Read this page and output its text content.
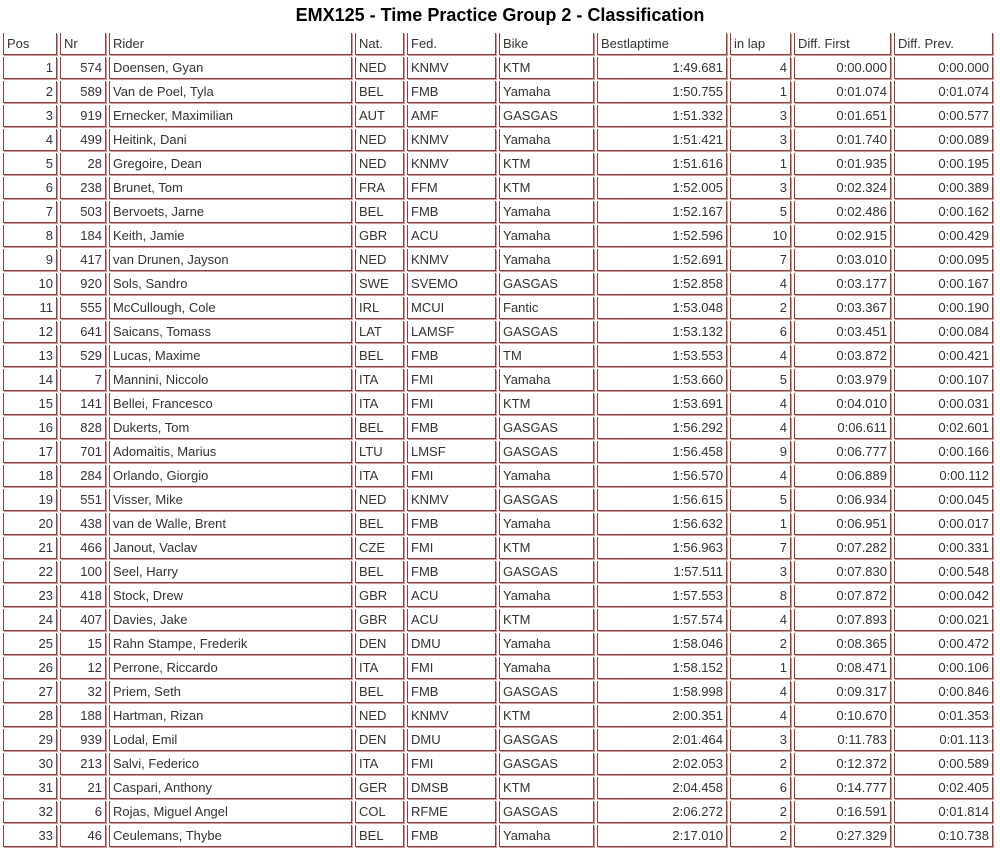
EMX125 - Time Practice Group 2 - Classification
Pos	Nr	Rider	Nat.	Fed.	Bike	Bestlaptime	in lap	Diff. First	Diff. Prev.
1	574	Doensen, Gyan	NED	KNMV	KTM	1:49.681	4	0:00.000	0:00.000
2	589	Van de Poel, Tyla	BEL	FMB	Yamaha	1:50.755	1	0:01.074	0:01.074
3	919	Ernecker, Maximilian	AUT	AMF	GASGAS	1:51.332	3	0:01.651	0:00.577
4	499	Heitink, Dani	NED	KNMV	Yamaha	1:51.421	3	0:01.740	0:00.089
5	28	Gregoire, Dean	NED	KNMV	KTM	1:51.616	1	0:01.935	0:00.195
6	238	Brunet, Tom	FRA	FFM	KTM	1:52.005	3	0:02.324	0:00.389
7	503	Bervoets, Jarne	BEL	FMB	Yamaha	1:52.167	5	0:02.486	0:00.162
8	184	Keith, Jamie	GBR	ACU	Yamaha	1:52.596	10	0:02.915	0:00.429
9	417	van Drunen, Jayson	NED	KNMV	Yamaha	1:52.691	7	0:03.010	0:00.095
10	920	Sols, Sandro	SWE	SVEMO	GASGAS	1:52.858	4	0:03.177	0:00.167
11	555	McCullough, Cole	IRL	MCUI	Fantic	1:53.048	2	0:03.367	0:00.190
12	641	Saicans, Tomass	LAT	LAMSF	GASGAS	1:53.132	6	0:03.451	0:00.084
13	529	Lucas, Maxime	BEL	FMB	TM	1:53.553	4	0:03.872	0:00.421
14	7	Mannini, Niccolo	ITA	FMI	Yamaha	1:53.660	5	0:03.979	0:00.107
15	141	Bellei, Francesco	ITA	FMI	KTM	1:53.691	4	0:04.010	0:00.031
16	828	Dukerts, Tom	BEL	FMB	GASGAS	1:56.292	4	0:06.611	0:02.601
17	701	Adomaitis, Marius	LTU	LMSF	GASGAS	1:56.458	9	0:06.777	0:00.166
18	284	Orlando, Giorgio	ITA	FMI	Yamaha	1:56.570	4	0:06.889	0:00.112
19	551	Visser, Mike	NED	KNMV	GASGAS	1:56.615	5	0:06.934	0:00.045
20	438	van de Walle, Brent	BEL	FMB	Yamaha	1:56.632	1	0:06.951	0:00.017
21	466	Janout, Vaclav	CZE	FMI	KTM	1:56.963	7	0:07.282	0:00.331
22	100	Seel, Harry	BEL	FMB	GASGAS	1:57.511	3	0:07.830	0:00.548
23	418	Stock, Drew	GBR	ACU	Yamaha	1:57.553	8	0:07.872	0:00.042
24	407	Davies, Jake	GBR	ACU	KTM	1:57.574	4	0:07.893	0:00.021
25	15	Rahn Stampe, Frederik	DEN	DMU	Yamaha	1:58.046	2	0:08.365	0:00.472
26	12	Perrone, Riccardo	ITA	FMI	Yamaha	1:58.152	1	0:08.471	0:00.106
27	32	Priem, Seth	BEL	FMB	GASGAS	1:58.998	4	0:09.317	0:00.846
28	188	Hartman, Rizan	NED	KNMV	KTM	2:00.351	4	0:10.670	0:01.353
29	939	Lodal, Emil	DEN	DMU	GASGAS	2:01.464	3	0:11.783	0:01.113
30	213	Salvi, Federico	ITA	FMI	GASGAS	2:02.053	2	0:12.372	0:00.589
31	21	Caspari, Anthony	GER	DMSB	KTM	2:04.458	6	0:14.777	0:02.405
32	6	Rojas, Miguel Angel	COL	RFME	GASGAS	2:06.272	2	0:16.591	0:01.814
33	46	Ceulemans, Thybe	BEL	FMB	Yamaha	2:17.010	2	0:27.329	0:10.738
